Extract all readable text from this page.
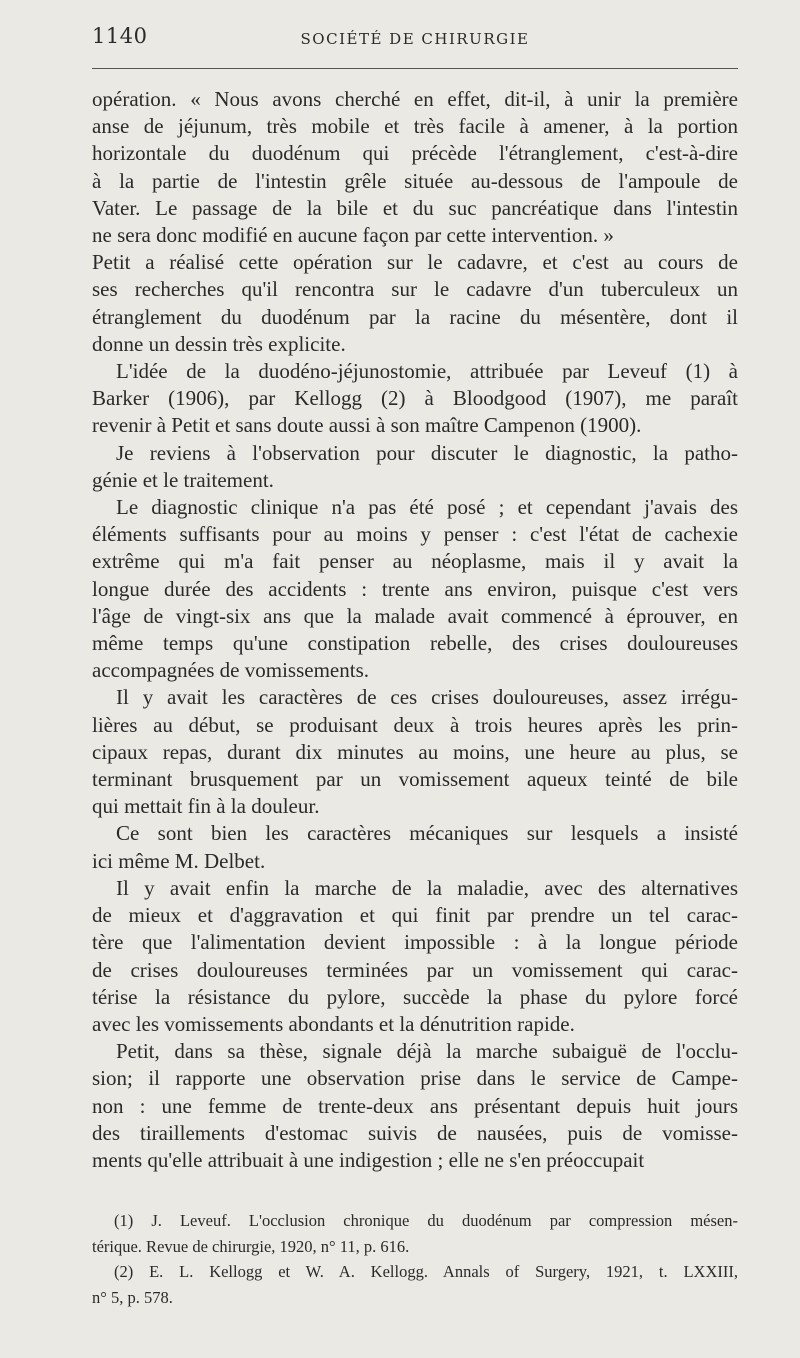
1140	SOCIÉTÉ DE CHIRURGIE

opération. « Nous avons cherché en effet, dit-il, à unir la première
anse de jéjunum, très mobile et très facile à amener, à la portion
horizontale du duodénum qui précède l'étranglement, c'est-à-dire
à la partie de l'intestin grêle située au-dessous de l'ampoule de
Vater. Le passage de la bile et du suc pancréatique dans l'intestin
ne sera donc modifié en aucune façon par cette intervention. »

Petit a réalisé cette opération sur le cadavre, et c'est au cours de
ses recherches qu'il rencontra sur le cadavre d'un tuberculeux un
étranglement du duodénum par la racine du mésentère, dont il
donne un dessin très explicite.

L'idée de la duodéno-jéjunostomie, attribuée par Leveuf (1) à
Barker (1906), par Kellogg (2) à Bloodgood (1907), me paraît
revenir à Petit et sans doute aussi à son maître Campenon (1900).

Je reviens à l'observation pour discuter le diagnostic, la patho-
génie et le traitement.

Le diagnostic clinique n'a pas été posé ; et cependant j'avais des
éléments suffisants pour au moins y penser : c'est l'état de cachexie
extrême qui m'a fait penser au néoplasme, mais il y avait la
longue durée des accidents : trente ans environ, puisque c'est vers
l'âge de vingt-six ans que la malade avait commencé à éprouver, en
même temps qu'une constipation rebelle, des crises douloureuses
accompagnées de vomissements.

Il y avait les caractères de ces crises douloureuses, assez irrégu-
lières au début, se produisant deux à trois heures après les prin-
cipaux repas, durant dix minutes au moins, une heure au plus, se
terminant brusquement par un vomissement aqueux teinté de bile
qui mettait fin à la douleur.

Ce sont bien les caractères mécaniques sur lesquels a insisté
ici même M. Delbet.

Il y avait enfin la marche de la maladie, avec des alternatives
de mieux et d'aggravation et qui finit par prendre un tel carac-
tère que l'alimentation devient impossible : à la longue période
de crises douloureuses terminées par un vomissement qui carac-
térise la résistance du pylore, succède la phase du pylore forcé
avec les vomissements abondants et la dénutrition rapide.

Petit, dans sa thèse, signale déjà la marche subaiguë de l'occlu-
sion; il rapporte une observation prise dans le service de Campe-
non : une femme de trente-deux ans présentant depuis huit jours
des tiraillements d'estomac suivis de nausées, puis de vomisse-
ments qu'elle attribuait à une indigestion ; elle ne s'en préoccupait

(1) J. Leveuf. L'occlusion chronique du duodénum par compression mésen-
térique. Revue de chirurgie, 1920, n° 11, p. 616.
(2) E. L. Kellogg et W. A. Kellogg. Annals of Surgery, 1921, t. LXXIII,
n° 5, p. 578.
